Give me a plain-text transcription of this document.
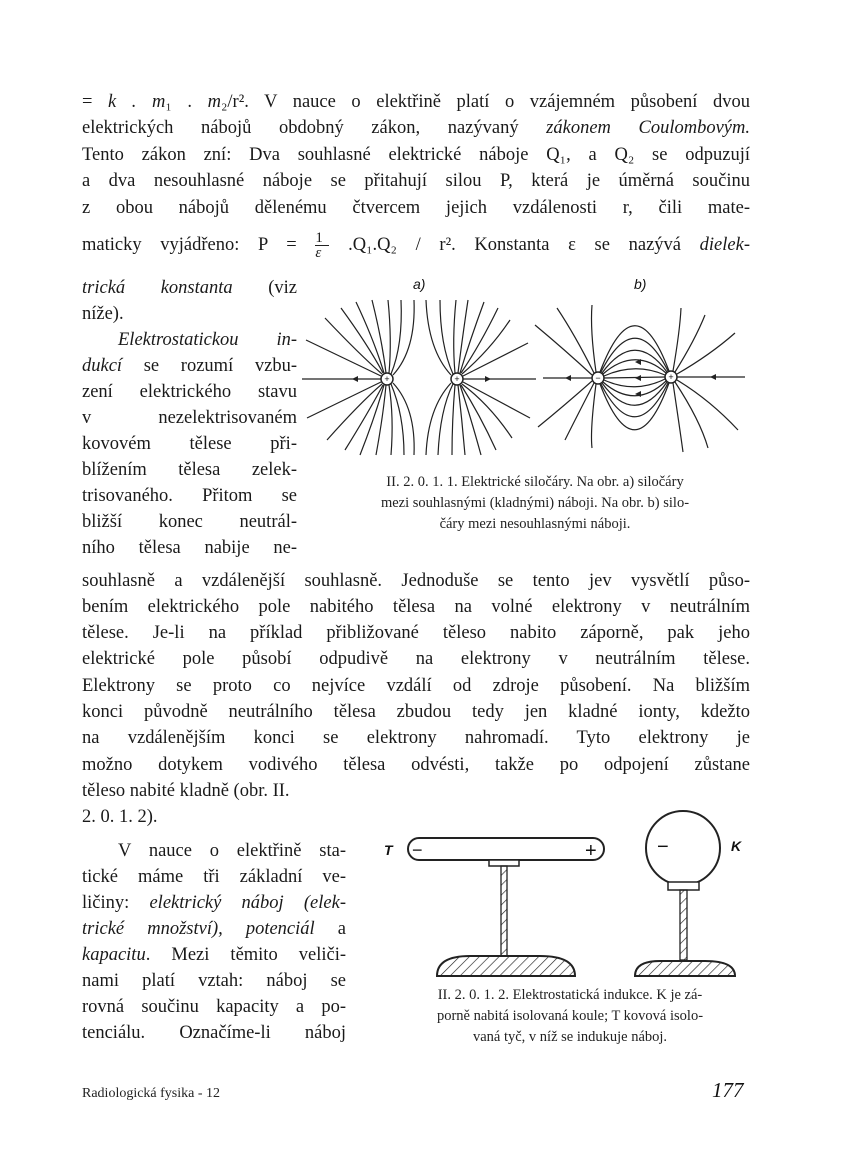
= k . m₁ . m₂/r². V nauce o elektřině platí o vzájemném působení dvou
elektrických nábojů obdobný zákon, nazývaný zákonem Coulombovým.
Tento zákon zní: Dva souhlasné elektrické náboje Q₁, a Q₂ se odpuzují
a dva nesouhlasné náboje se přitahují silou P, která je úměrná součinu
z obou nábojů dělenému čtvercem jejich vzdálenosti r, čili mate-
maticky vyjádřeno: $P = \frac{1}{\varepsilon} .Q_1.Q_2 / r^2$. Konstanta ε se nazývá dielek-
trická konstanta (viz
níže).
Elektrostatickou in-
dukcí se rozumí vzbu-
zení elektrického stavu
v nezelektrisovaném
kovovém tělese při-
blížením tělesa zelek-
trisovaného. Přitom se
bližší konec neutrál-
ního tělesa nabije ne-
a)	b)
+	+	−	+
II. 2. 0. 1. 1. Elektrické siločáry. Na obr. a) siločáry
mezi souhlasnými (kladnými) náboji. Na obr. b) silo-
čáry mezi nesouhlasnými náboji.
souhlasně a vzdálenější souhlasně. Jednoduše se tento jev vysvětlí půso-
bením elektrického pole nabitého tělesa na volné elektrony v neutrálním
tělese. Je-li na příklad přibližované těleso nabito záporně, pak jeho
elektrické pole působí odpudivě na elektrony v neutrálním tělese.
Elektrony se proto co nejvíce vzdálí od zdroje působení. Na bližším
konci původně neutrálního tělesa zbudou tedy jen kladné ionty, kdežto
na vzdálenějším konci se elektrony nahromadí. Tyto elektrony je
možno dotykem vodivého tělesa odvésti, takže po odpojení zůstane
těleso nabité kladně (obr. II.
2. 0. 1. 2).
V nauce o elektřině sta-
tické máme tři základní ve-
ličiny: elektrický náboj (elek-
trické množství), potenciál a
kapacitu. Mezi těmito veliči-
nami platí vztah: náboj se
rovná součinu kapacity a po-
tenciálu. Označíme-li náboj
T −	+	−	K
II. 2. 0. 1. 2. Elektrostatická indukce. K je zá-
porně nabitá isolovaná koule; T kovová isolo-
vaná tyč, v níž se indukuje náboj.
Radiologická fysika - 12	177
